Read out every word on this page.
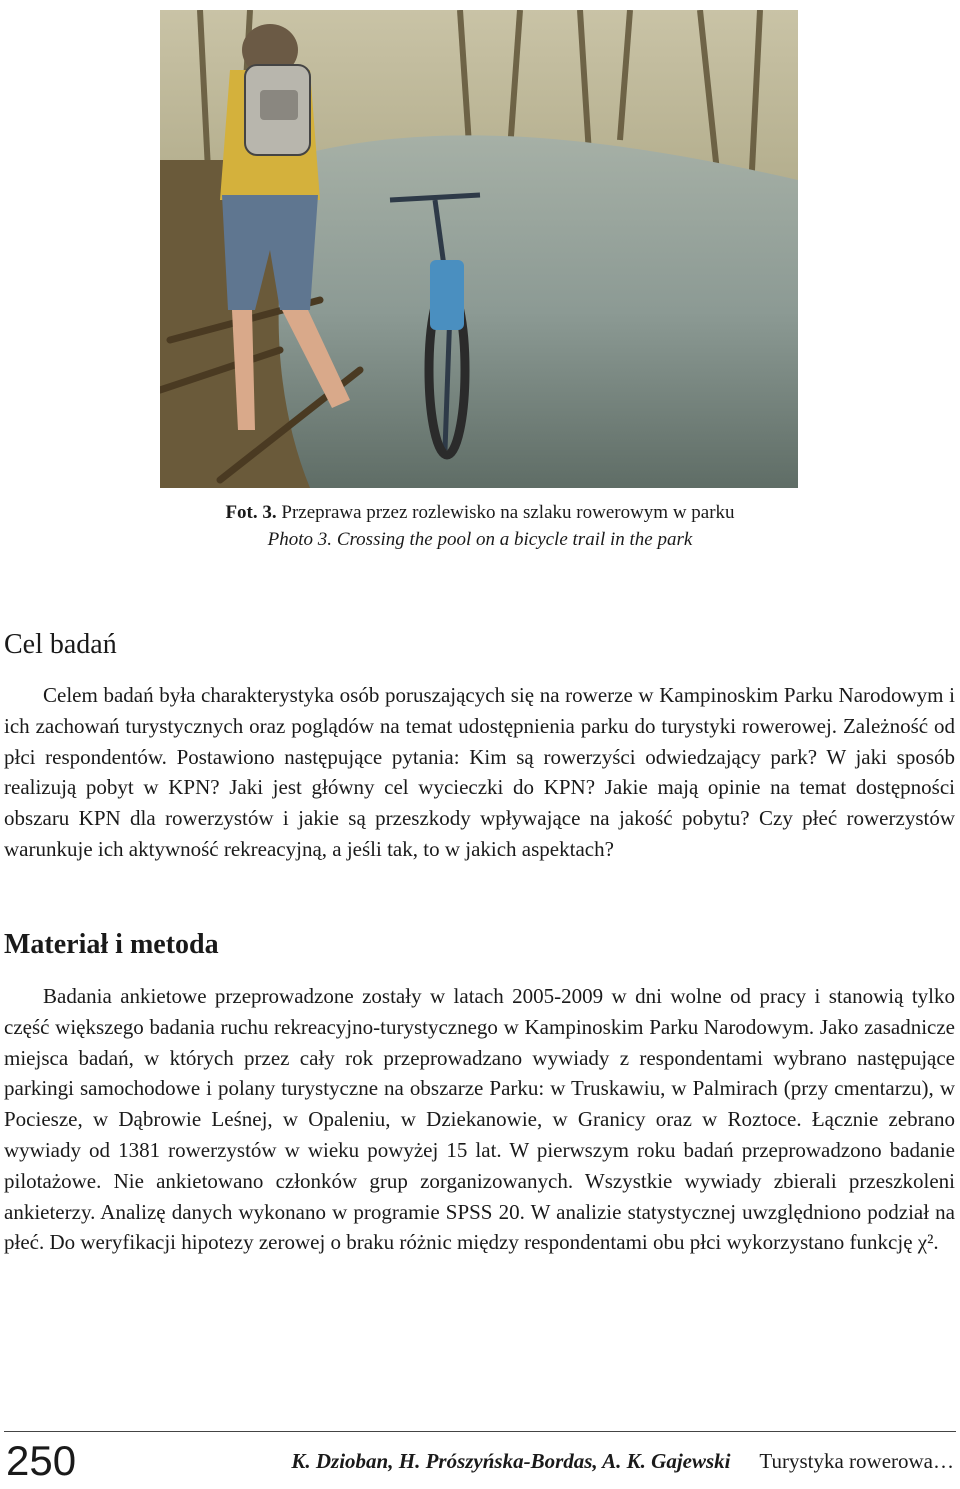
Fot. 3. Przeprawa przez rozlewisko na szlaku rowerowym w parku
Photo 3. Crossing the pool on a bicycle trail in the park
Cel badań

Celem badań była charakterystyka osób poruszających się na rowerze w Kampinoskim Parku Narodowym i ich zachowań turystycznych oraz poglądów na temat udostępnienia parku do turystyki rowerowej. Zależność od płci respondentów. Postawiono następujące pytania: Kim są rowerzyści odwiedzający park? W jaki sposób realizują pobyt w KPN? Jaki jest główny cel wycieczki do KPN? Jakie mają opinie na temat dostępności obszaru KPN dla rowerzystów i jakie są przeszkody wpływające na jakość pobytu? Czy płeć rowerzystów warunkuje ich aktywność rekreacyjną, a jeśli tak, to w jakich aspektach?

Materiał i metoda

Badania ankietowe przeprowadzone zostały w latach 2005-2009 w dni wolne od pracy i stanowią tylko część większego badania ruchu rekreacyjno-turystycznego w Kampinoskim Parku Narodowym. Jako zasadnicze miejsca badań, w których przez cały rok przeprowadzano wywiady z respondentami wybrano następujące parkingi samochodowe i polany turystyczne na obszarze Parku: w Truskawiu, w Palmirach (przy cmentarzu), w Pociesze, w Dąbrowie Leśnej, w Opaleniu, w Dziekanowie, w Granicy oraz w Roztoce. Łącznie zebrano wywiady od 1381 rowerzystów w wieku powyżej 15 lat. W pierwszym roku badań przeprowadzono badanie pilotażowe. Nie ankietowano członków grup zorganizowanych. Wszystkie wywiady zbierali przeszkoleni ankieterzy. Analizę danych wykonano w programie SPSS 20. W analizie statystycznej uwzględniono podział na płeć. Do weryfikacji hipotezy zerowej o braku różnic między respondentami obu płci wykorzystano funkcję χ².

250	K. Dzioban, H. Prószyńska-Bordas, A. K. Gajewski Turystyka rowerowa…
